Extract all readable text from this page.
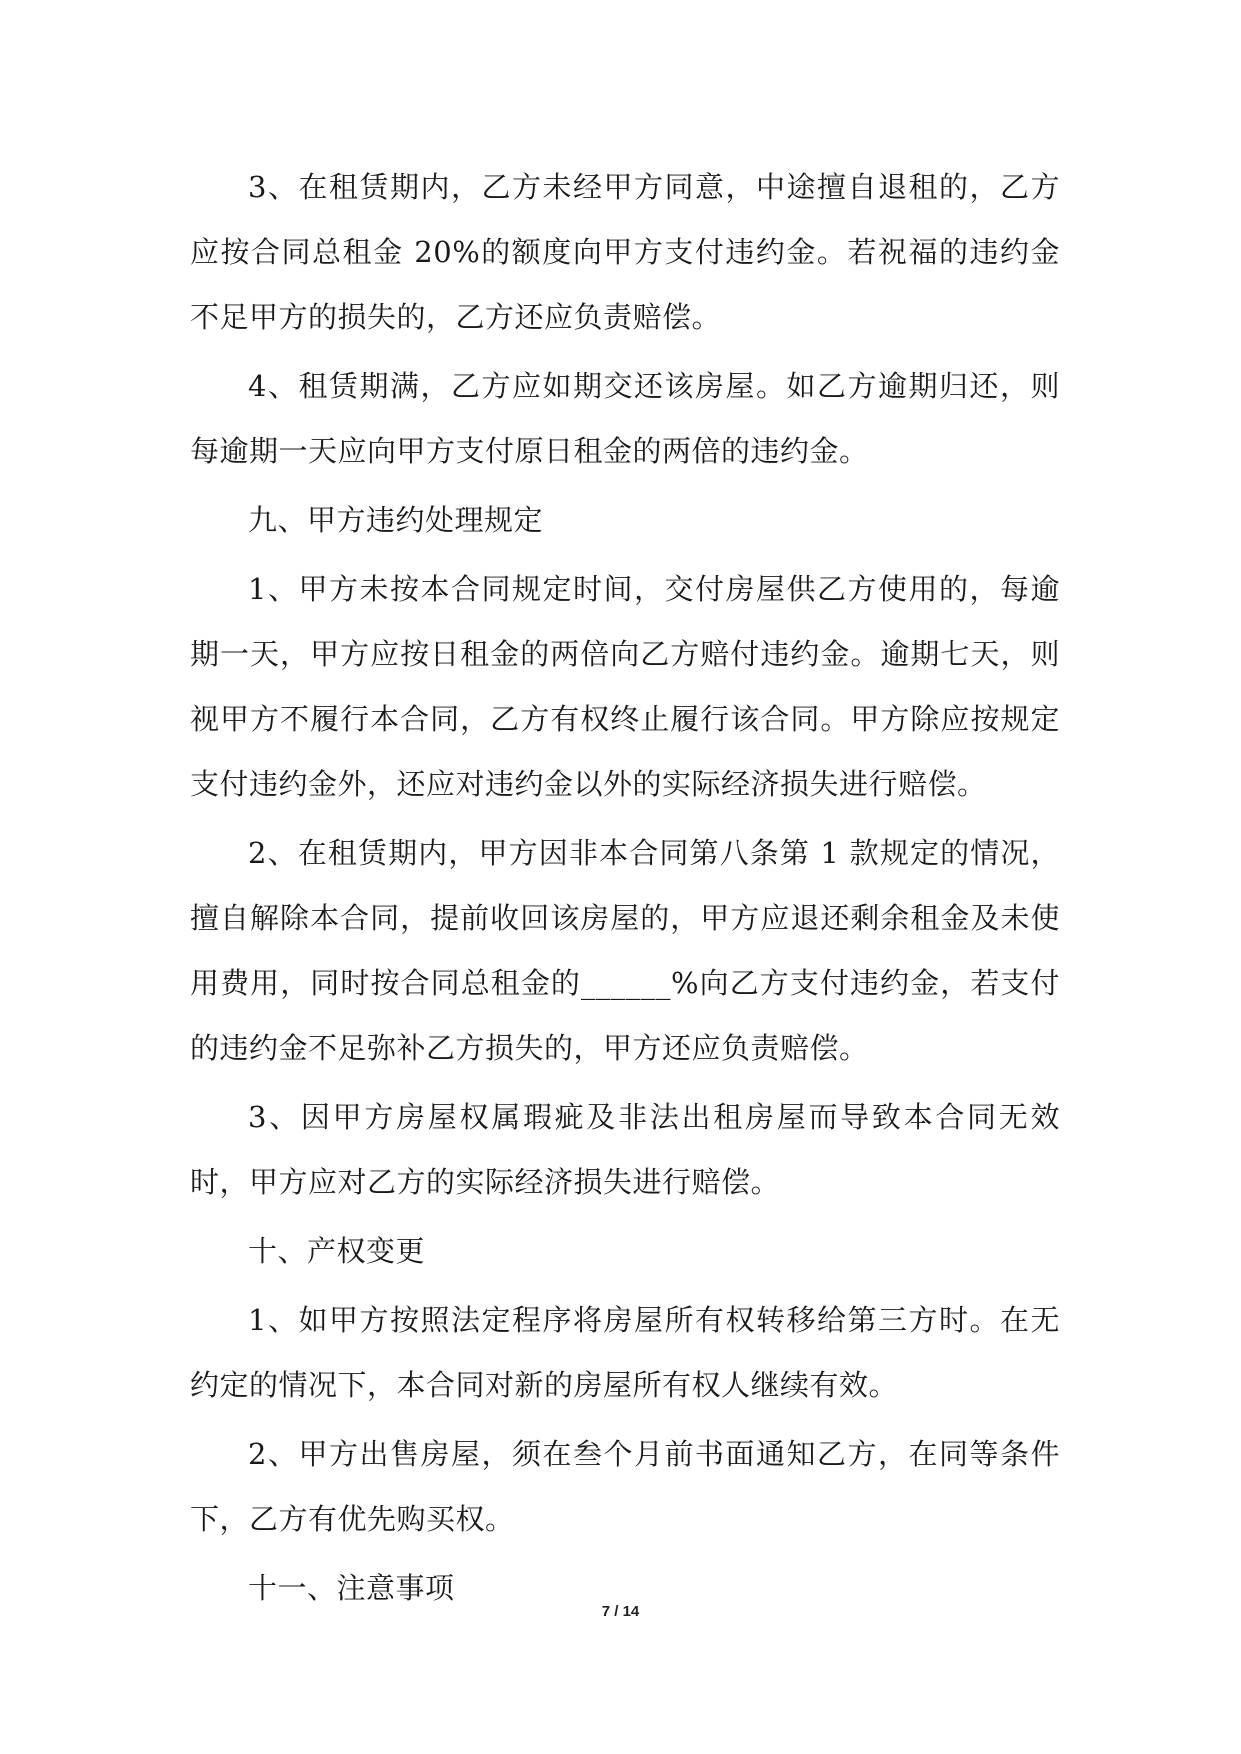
3、在租赁期内，乙方未经甲方同意，中途擅自退租的，乙方应按合同总租金 20%的额度向甲方支付违约金。若祝福的违约金不足甲方的损失的，乙方还应负责赔偿。

4、租赁期满，乙方应如期交还该房屋。如乙方逾期归还，则每逾期一天应向甲方支付原日租金的两倍的违约金。

九、甲方违约处理规定

1、甲方未按本合同规定时间，交付房屋供乙方使用的，每逾期一天，甲方应按日租金的两倍向乙方赔付违约金。逾期七天，则视甲方不履行本合同，乙方有权终止履行该合同。甲方除应按规定支付违约金外，还应对违约金以外的实际经济损失进行赔偿。

2、在租赁期内，甲方因非本合同第八条第 1 款规定的情况，擅自解除本合同，提前收回该房屋的，甲方应退还剩余租金及未使用费用，同时按合同总租金的______%向乙方支付违约金，若支付的违约金不足弥补乙方损失的，甲方还应负责赔偿。

3、因甲方房屋权属瑕疵及非法出租房屋而导致本合同无效时，甲方应对乙方的实际经济损失进行赔偿。

十、产权变更

1、如甲方按照法定程序将房屋所有权转移给第三方时。在无约定的情况下，本合同对新的房屋所有权人继续有效。

2、甲方出售房屋，须在叁个月前书面通知乙方，在同等条件下，乙方有优先购买权。

十一、注意事项

7 / 14
